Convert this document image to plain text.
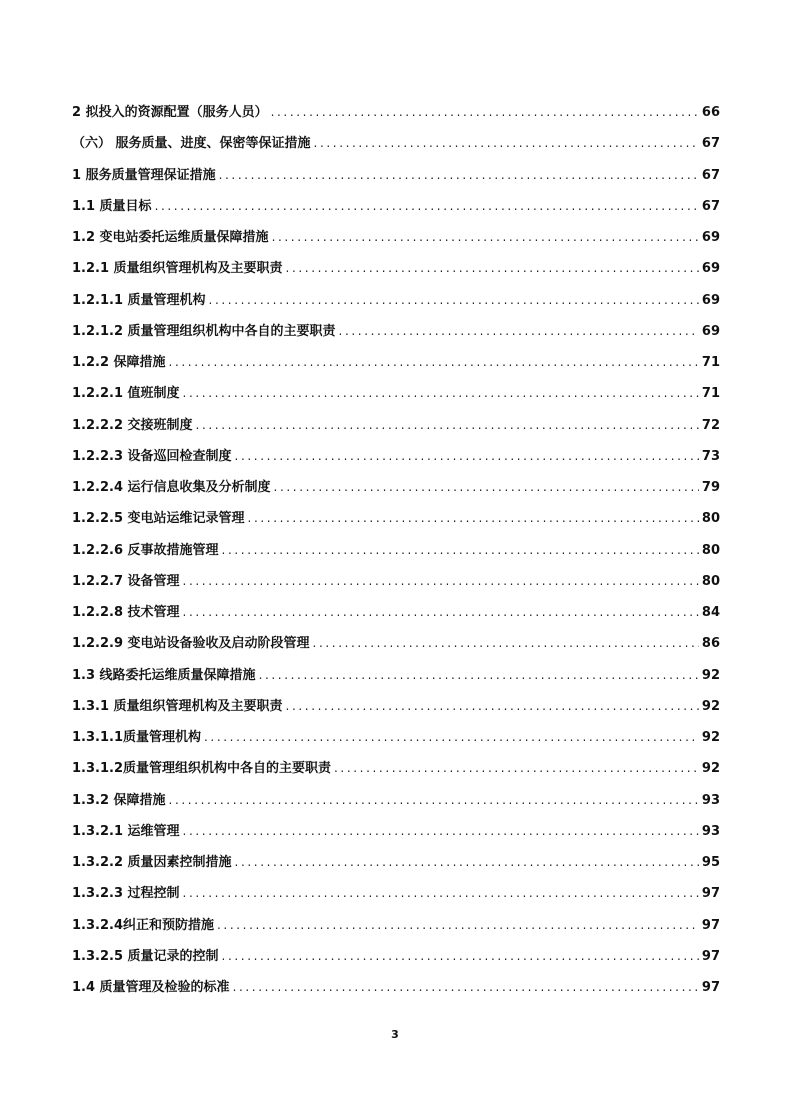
2 拟投入的资源配置（服务人员） .....	66
（六） 服务质量、进度、保密等保证措施 .....	67
1 服务质量管理保证措施 .....	67
1.1 质量目标 .....	67
1.2 变电站委托运维质量保障措施 .....	69
1.2.1 质量组织管理机构及主要职责 .....	69
1.2.1.1 质量管理机构 .....	69
1.2.1.2 质量管理组织机构中各自的主要职责 .....	69
1.2.2 保障措施 .....	71
1.2.2.1 值班制度 .....	71
1.2.2.2 交接班制度 .....	72
1.2.2.3 设备巡回检查制度 .....	73
1.2.2.4 运行信息收集及分析制度 .....	79
1.2.2.5 变电站运维记录管理 .....	80
1.2.2.6 反事故措施管理 .....	80
1.2.2.7 设备管理 .....	80
1.2.2.8 技术管理 .....	84
1.2.2.9 变电站设备验收及启动阶段管理 .....	86
1.3 线路委托运维质量保障措施 .....	92
1.3.1 质量组织管理机构及主要职责 .....	92
1.3.1.1质量管理机构 .....	92
1.3.1.2质量管理组织机构中各自的主要职责 .....	92
1.3.2 保障措施 .....	93
1.3.2.1 运维管理 .....	93
1.3.2.2 质量因素控制措施 .....	95
1.3.2.3 过程控制 .....	97
1.3.2.4纠正和预防措施 .....	97
1.3.2.5 质量记录的控制 .....	97
1.4 质量管理及检验的标准 .....	97
3
